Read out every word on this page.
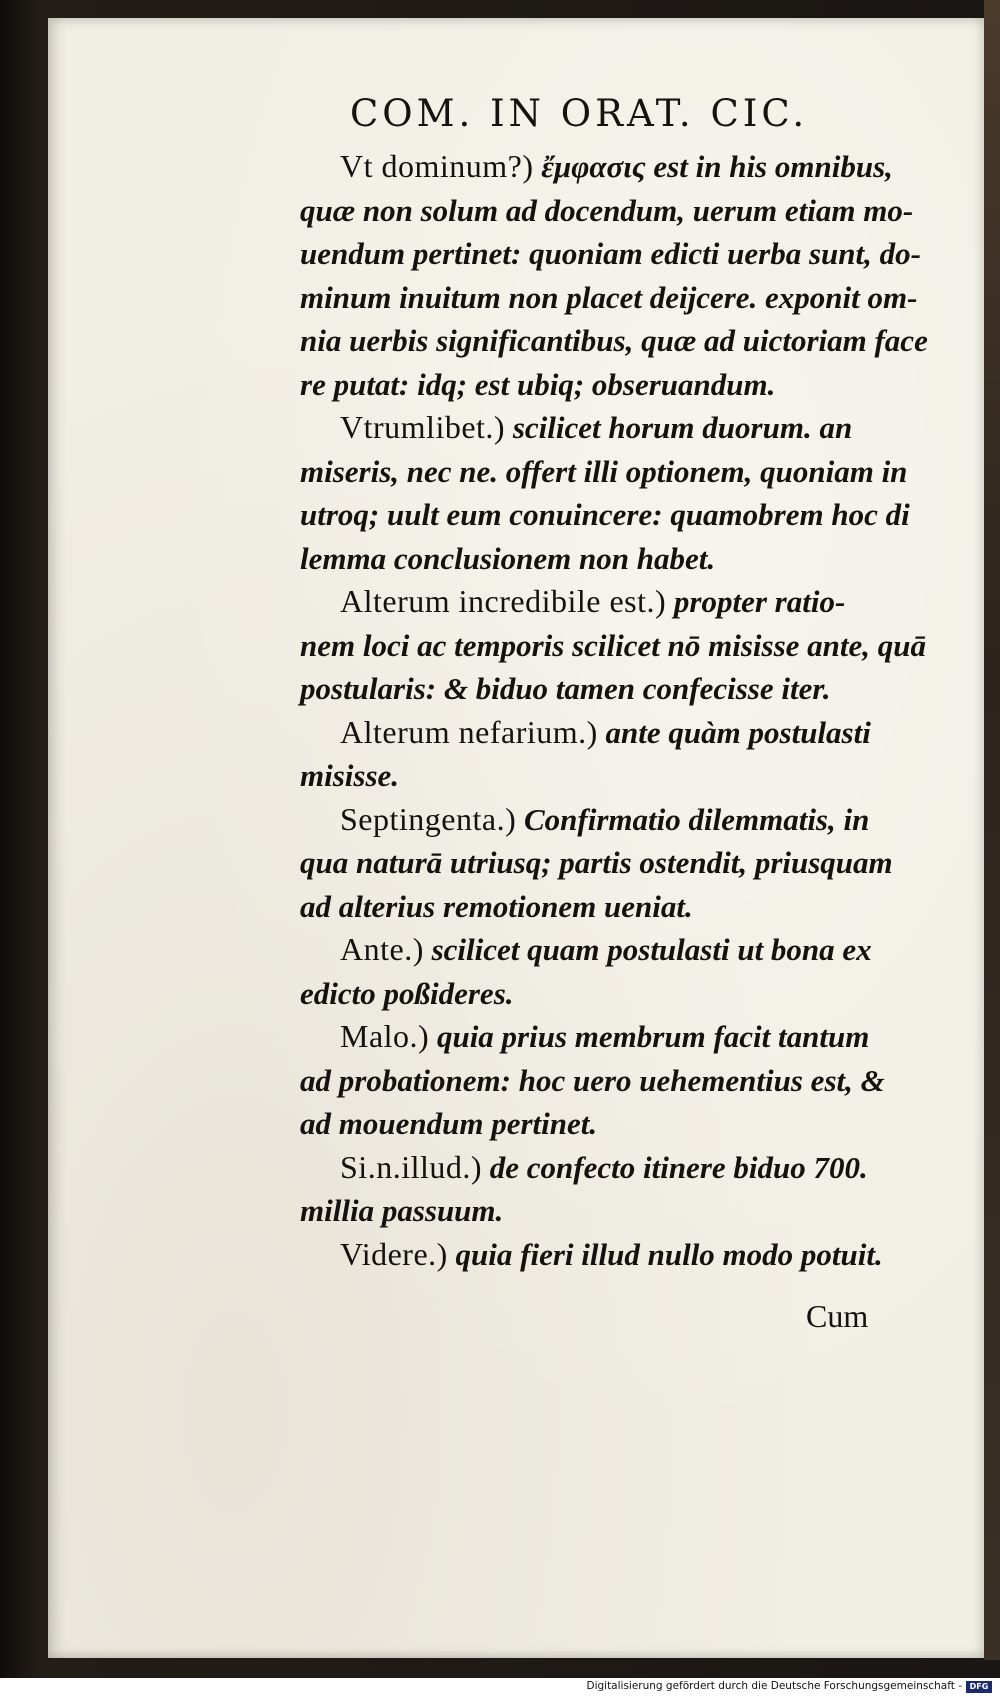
COM. IN ORAT. CIC.
Vt dominum?) ἔμφασις est in his omnibus,
quæ non solum ad docendum, uerum etiam mo-
uendum pertinet: quoniam edicti uerba sunt, do-
minum inuitum non placet deijcere. exponit om-
nia uerbis significantibus, quæ ad uictoriam face
re putat: idq; est ubiq; obseruandum.
Vtrumlibet.) scilicet horum duorum. an
miseris, nec ne. offert illi optionem, quoniam in
utroq; uult eum conuincere: quamobrem hoc di
lemma conclusionem non habet.
Alterum incredibile est.) propter ratio-
nem loci ac temporis scilicet nō misisse ante, quā
postularis: & biduo tamen confecisse iter.
Alterum nefarium.) ante quàm postulasti
misisse.
Septingenta.) Confirmatio dilemmatis, in
qua naturā utriusq; partis ostendit, priusquam
ad alterius remotionem ueniat.
Ante.) scilicet quam postulasti ut bona ex
edicto poßideres.
Malo.) quia prius membrum facit tantum
ad probationem: hoc uero uehementius est, &
ad mouendum pertinet.
Si.n.illud.) de confecto itinere biduo 700.
millia passuum.
Videre.) quia fieri illud nullo modo potuit.
Cum
Digitalisierung gefördert durch die Deutsche Forschungsgemeinschaft - DFG
